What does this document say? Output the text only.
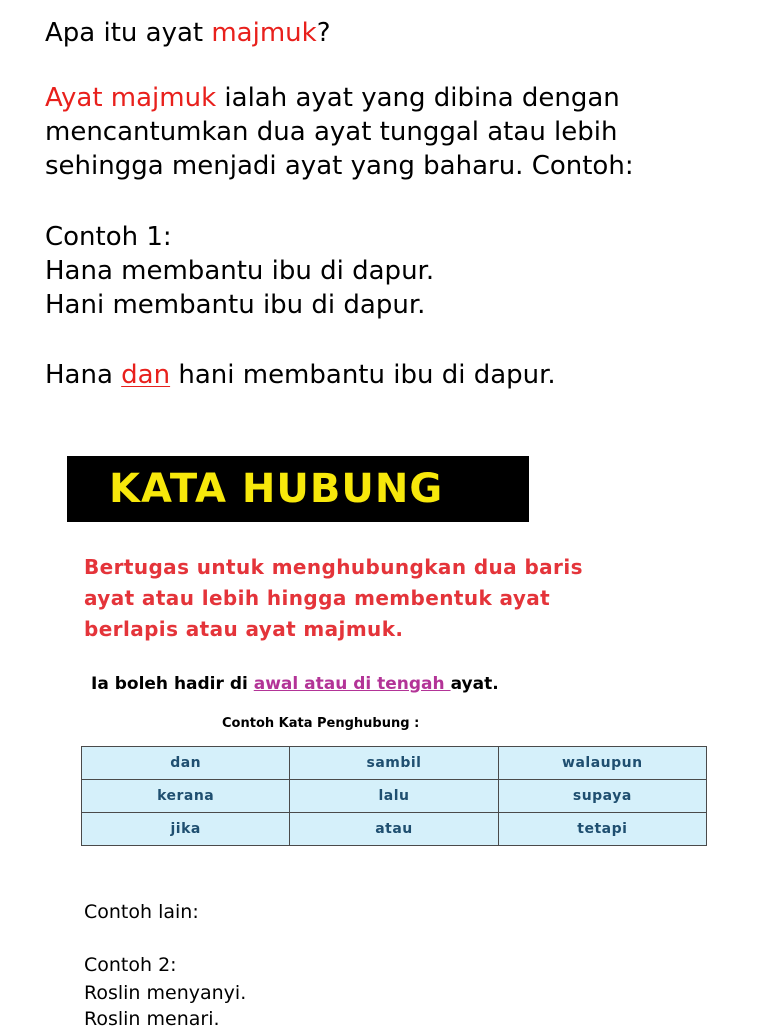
Apa itu ayat majmuk?
Ayat majmuk ialah ayat yang dibina dengan
mencantumkan dua ayat tunggal atau lebih
sehingga menjadi ayat yang baharu. Contoh:
Contoh 1:
Hana membantu ibu di dapur.
Hani membantu ibu di dapur.
Hana dan hani membantu ibu di dapur.
KATA HUBUNG
Bertugas untuk menghubungkan dua baris
ayat atau lebih hingga membentuk ayat
berlapis atau ayat majmuk.
Ia boleh hadir di awal atau di tengah ayat.
Contoh Kata Penghubung :
dan	sambil	walaupun
kerana	lalu	supaya
jika	atau	tetapi
Contoh lain:
Contoh 2:
Roslin menyanyi.
Roslin menari.
